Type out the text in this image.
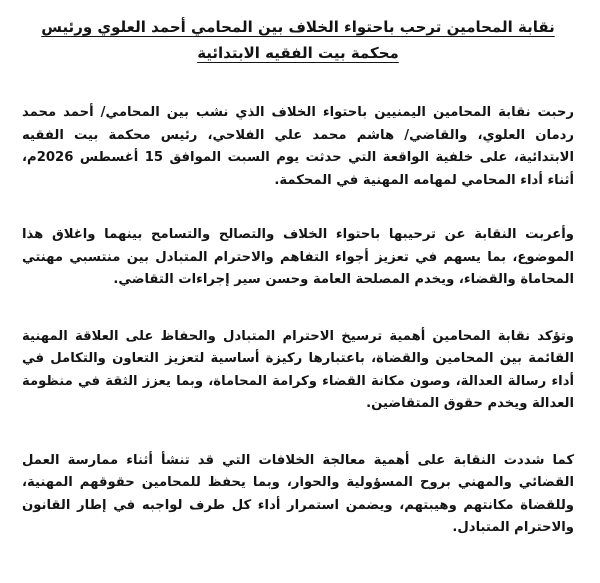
نقابة المحامين ترحب باحتواء الخلاف بين المحامي أحمد العلوي ورئيس محكمة بيت الفقيه الابتدائية

رحبت نقابة المحامين اليمنيين باحتواء الخلاف الذي نشب بين المحامي/ أحمد محمد ردمان العلوي، والقاضي/ هاشم محمد علي الفلاحي، رئيس محكمة بيت الفقيه الابتدائية، على خلفية الواقعة التي حدثت يوم السبت الموافق 15 أغسطس 2026م، أثناء أداء المحامي لمهامه المهنية في المحكمة.

وأعربت النقابة عن ترحيبها باحتواء الخلاف والتصالح والتسامح بينهما واغلاق هذا الموضوع، بما يسهم في تعزيز أجواء التفاهم والاحترام المتبادل بين منتسبي مهنتي المحاماة والقضاء، ويخدم المصلحة العامة وحسن سير إجراءات التقاضي.

وتؤكد نقابة المحامين أهمية ترسيخ الاحترام المتبادل والحفاظ على العلاقة المهنية القائمة بين المحامين والقضاة، باعتبارها ركيزة أساسية لتعزيز التعاون والتكامل في أداء رسالة العدالة، وصون مكانة القضاء وكرامة المحاماة، وبما يعزز الثقة في منظومة العدالة ويخدم حقوق المتقاضين.

كما شددت النقابة على أهمية معالجة الخلافات التي قد تنشأ أثناء ممارسة العمل القضائي والمهني بروح المسؤولية والحوار، وبما يحفظ للمحامين حقوقهم المهنية، وللقضاة مكانتهم وهيبتهم، ويضمن استمرار أداء كل طرف لواجبه في إطار القانون والاحترام المتبادل.
